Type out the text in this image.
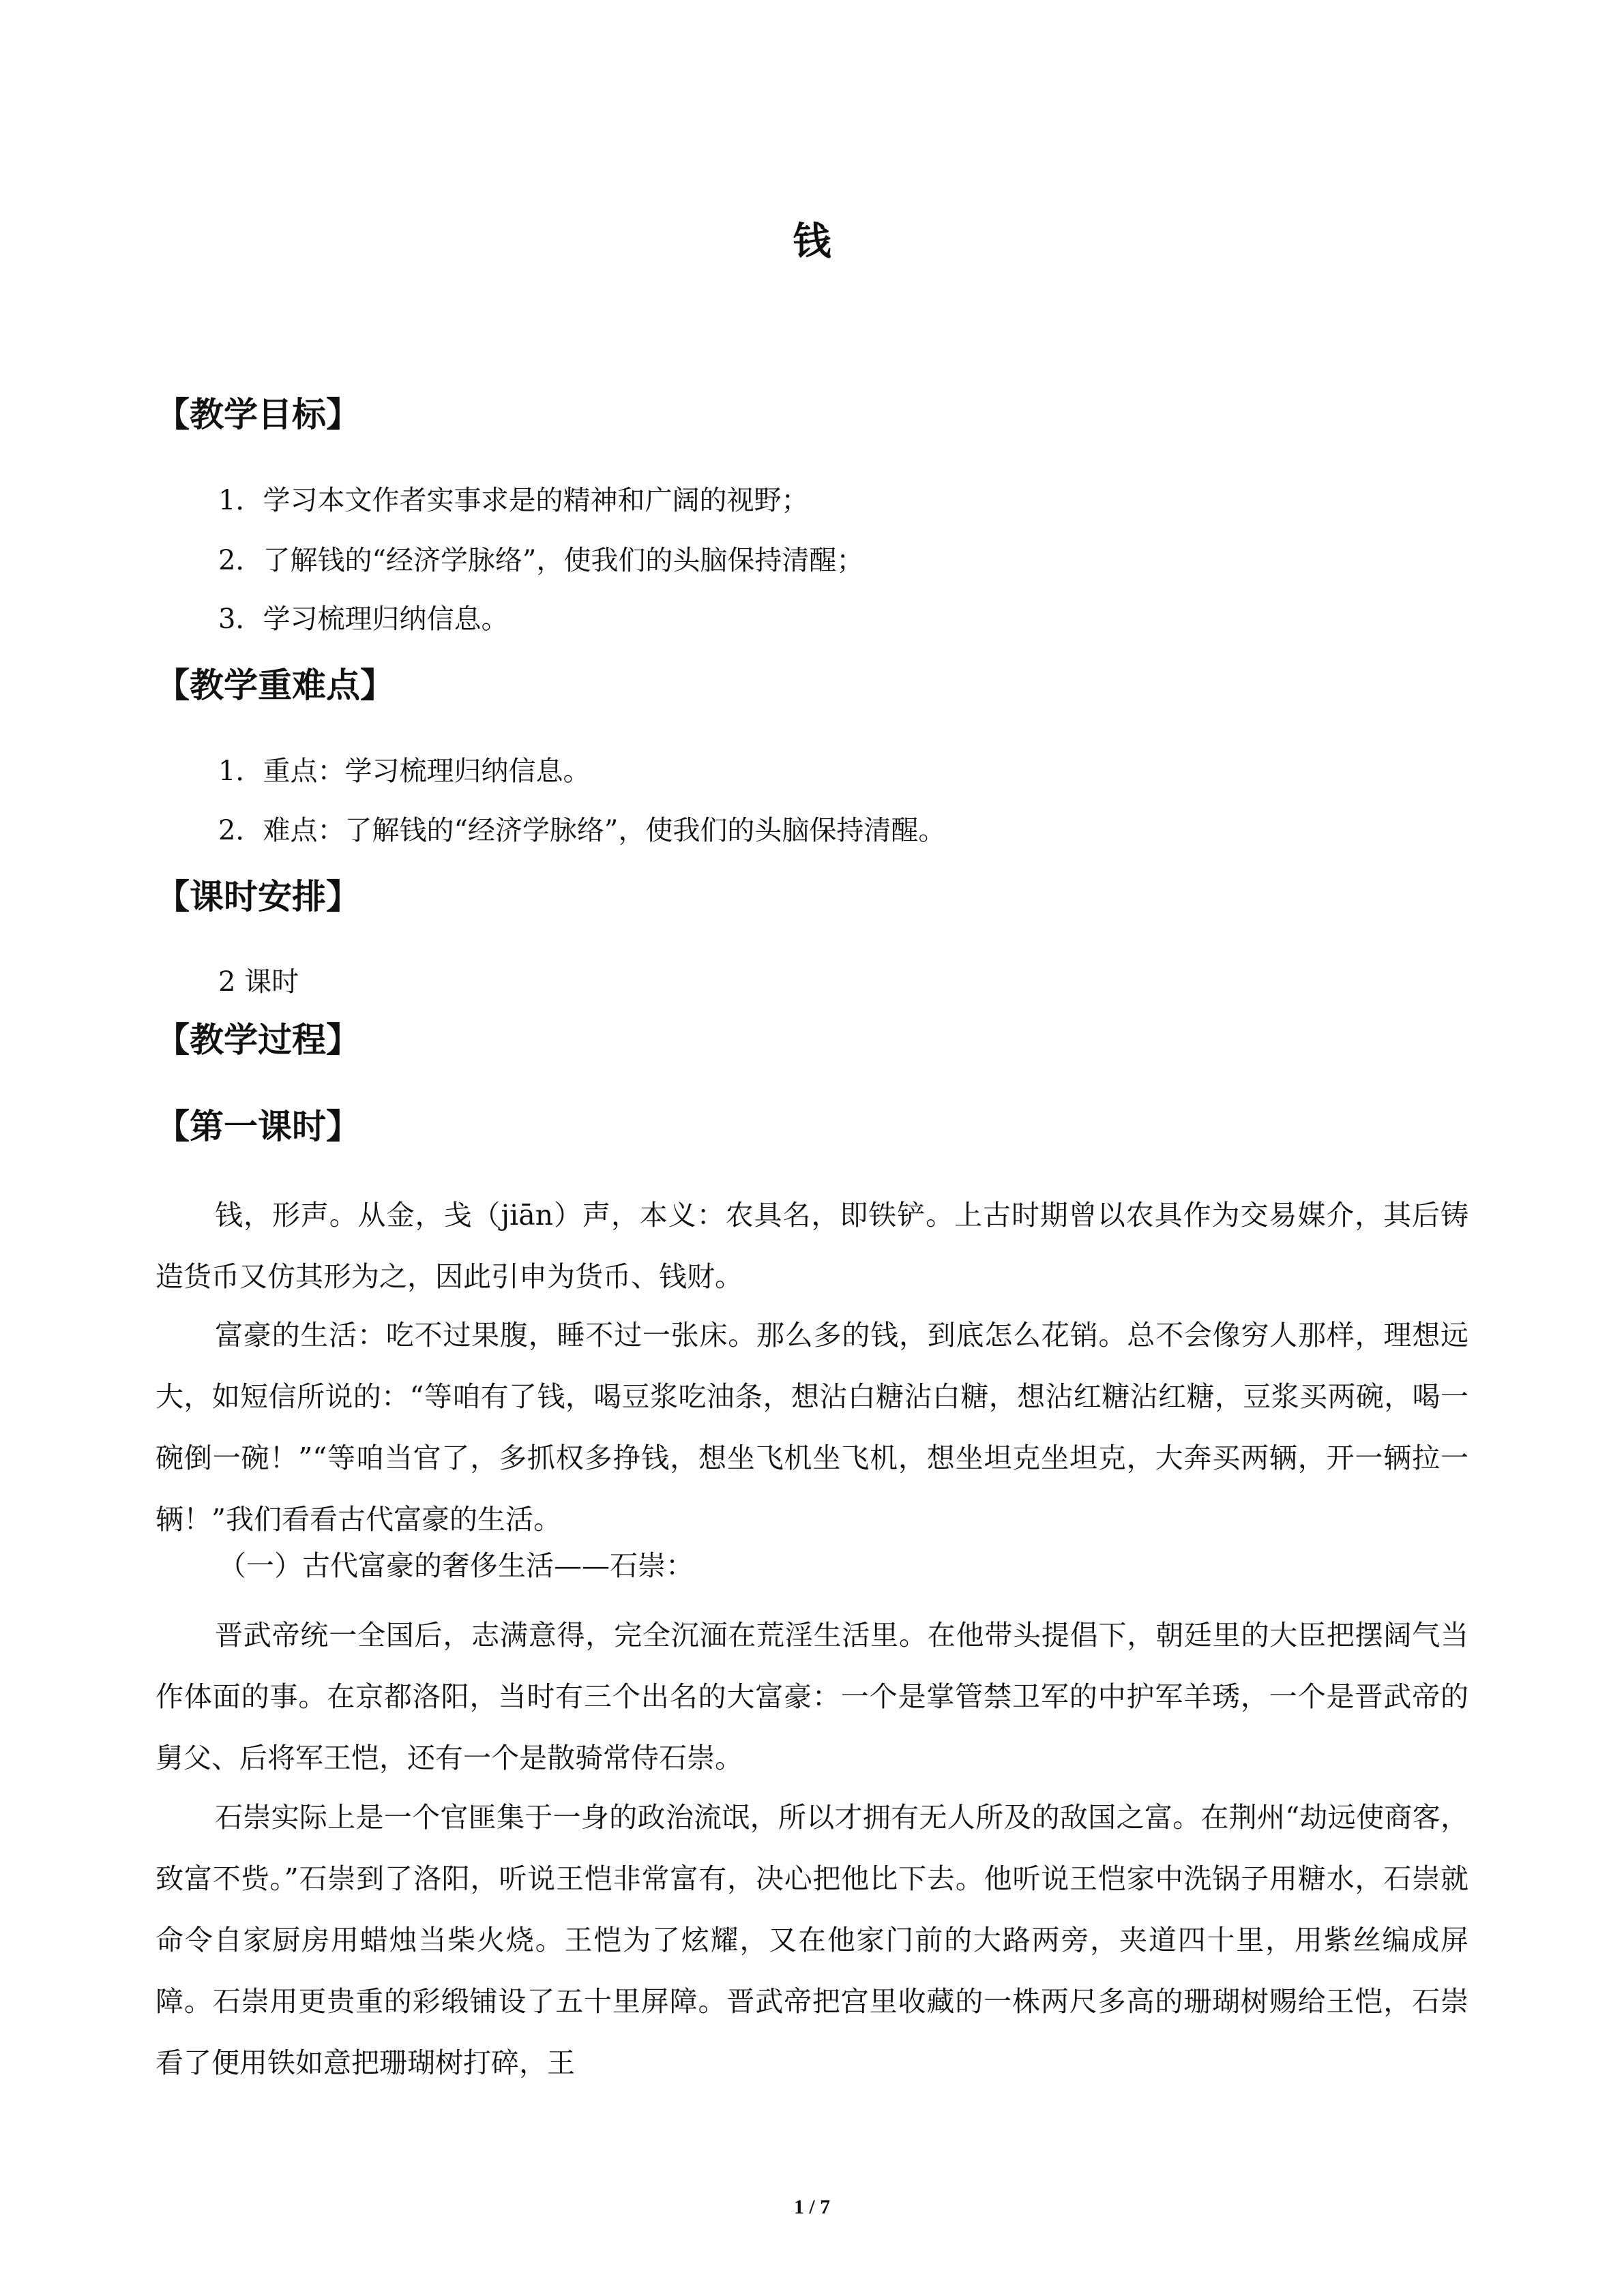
钱
【教学目标】

1．学习本文作者实事求是的精神和广阔的视野；

2．了解钱的“经济学脉络”，使我们的头脑保持清醒；

3．学习梳理归纳信息。

【教学重难点】

1．重点：学习梳理归纳信息。

2．难点：了解钱的“经济学脉络”，使我们的头脑保持清醒。

【课时安排】

2 课时

【教学过程】
【第一课时】

钱，形声。从金，戋（jiān）声，本义：农具名，即铁铲。上古时期曾以农具作为交易媒介，其后铸造货币又仿其形为之，因此引申为货币、钱财。

富豪的生活：吃不过果腹，睡不过一张床。那么多的钱，到底怎么花销。总不会像穷人那样，理想远大，如短信所说的：“等咱有了钱，喝豆浆吃油条，想沾白糖沾白糖，想沾红糖沾红糖，豆浆买两碗，喝一碗倒一碗！”“等咱当官了，多抓权多挣钱，想坐飞机坐飞机，想坐坦克坐坦克，大奔买两辆，开一辆拉一辆！”我们看看古代富豪的生活。

（一）古代富豪的奢侈生活——石崇：

晋武帝统一全国后，志满意得，完全沉湎在荒淫生活里。在他带头提倡下，朝廷里的大臣把摆阔气当作体面的事。在京都洛阳，当时有三个出名的大富豪：一个是掌管禁卫军的中护军羊琇，一个是晋武帝的舅父、后将军王恺，还有一个是散骑常侍石崇。

石崇实际上是一个官匪集于一身的政治流氓，所以才拥有无人所及的敌国之富。在荆州“劫远使商客，致富不赀。”石崇到了洛阳，听说王恺非常富有，决心把他比下去。他听说王恺家中洗锅子用糖水，石崇就命令自家厨房用蜡烛当柴火烧。王恺为了炫耀，又在他家门前的大路两旁，夹道四十里，用紫丝编成屏障。石崇用更贵重的彩缎铺设了五十里屏障。晋武帝把宫里收藏的一株两尺多高的珊瑚树赐给王恺，石崇看了便用铁如意把珊瑚树打碎，王

1 / 7
